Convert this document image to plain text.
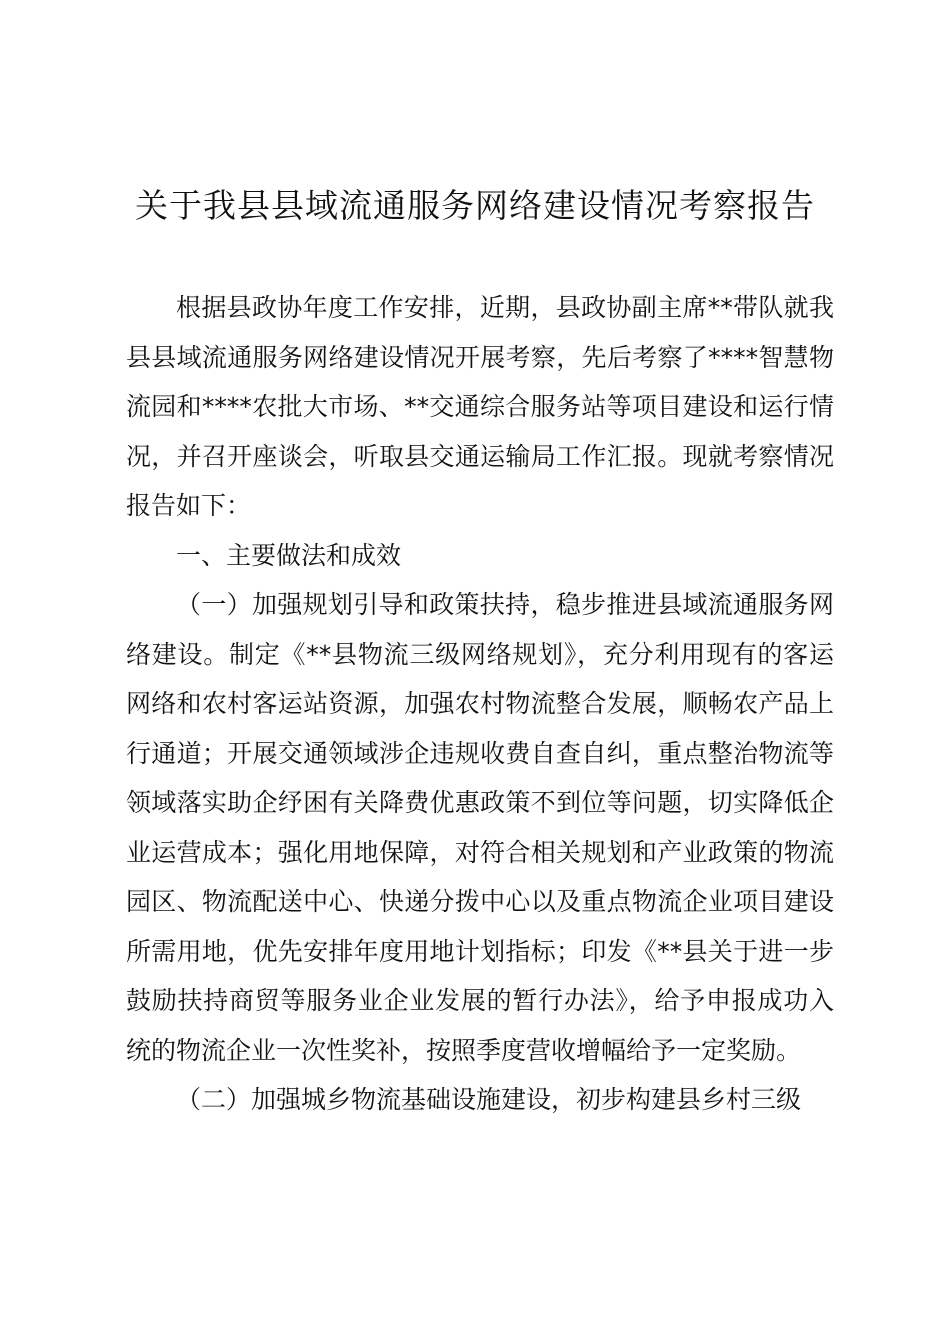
关于我县县域流通服务网络建设情况考察报告

根据县政协年度工作安排，近期，县政协副主席**带队就我县县域流通服务网络建设情况开展考察，先后考察了****智慧物流园和****农批大市场、**交通综合服务站等项目建设和运行情况，并召开座谈会，听取县交通运输局工作汇报。现就考察情况报告如下：

一、主要做法和成效

（一）加强规划引导和政策扶持，稳步推进县域流通服务网络建设。制定《**县物流三级网络规划》，充分利用现有的客运网络和农村客运站资源，加强农村物流整合发展，顺畅农产品上行通道；开展交通领域涉企违规收费自查自纠，重点整治物流等领域落实助企纾困有关降费优惠政策不到位等问题，切实降低企业运营成本；强化用地保障，对符合相关规划和产业政策的物流园区、物流配送中心、快递分拨中心以及重点物流企业项目建设所需用地，优先安排年度用地计划指标；印发《**县关于进一步鼓励扶持商贸等服务业企业发展的暂行办法》，给予申报成功入统的物流企业一次性奖补，按照季度营收增幅给予一定奖励。

（二）加强城乡物流基础设施建设，初步构建县乡村三级
